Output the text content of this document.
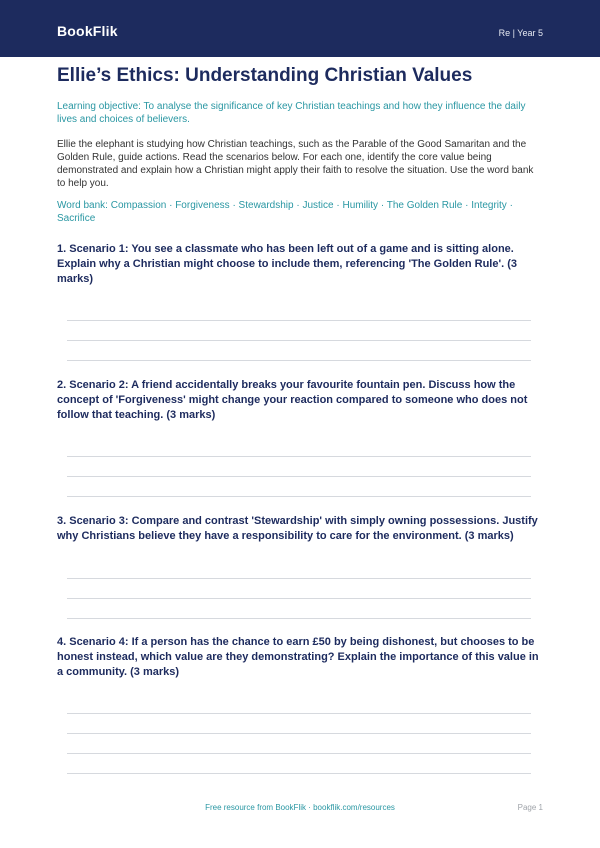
BookFlik	Re | Year 5
Ellie’s Ethics: Understanding Christian Values
Learning objective: To analyse the significance of key Christian teachings and how they influence the daily lives and choices of believers.
Ellie the elephant is studying how Christian teachings, such as the Parable of the Good Samaritan and the Golden Rule, guide actions. Read the scenarios below. For each one, identify the core value being demonstrated and explain how a Christian might apply their faith to resolve the situation. Use the word bank to help you.
Word bank: Compassion · Forgiveness · Stewardship · Justice · Humility · The Golden Rule · Integrity · Sacrifice
1. Scenario 1: You see a classmate who has been left out of a game and is sitting alone. Explain why a Christian might choose to include them, referencing 'The Golden Rule'. (3 marks)
2. Scenario 2: A friend accidentally breaks your favourite fountain pen. Discuss how the concept of 'Forgiveness' might change your reaction compared to someone who does not follow that teaching. (3 marks)
3. Scenario 3: Compare and contrast 'Stewardship' with simply owning possessions. Justify why Christians believe they have a responsibility to care for the environment. (3 marks)
4. Scenario 4: If a person has the chance to earn £50 by being dishonest, but chooses to be honest instead, which value are they demonstrating? Explain the importance of this value in a community. (3 marks)
Free resource from BookFlik · bookflik.com/resources	Page 1
